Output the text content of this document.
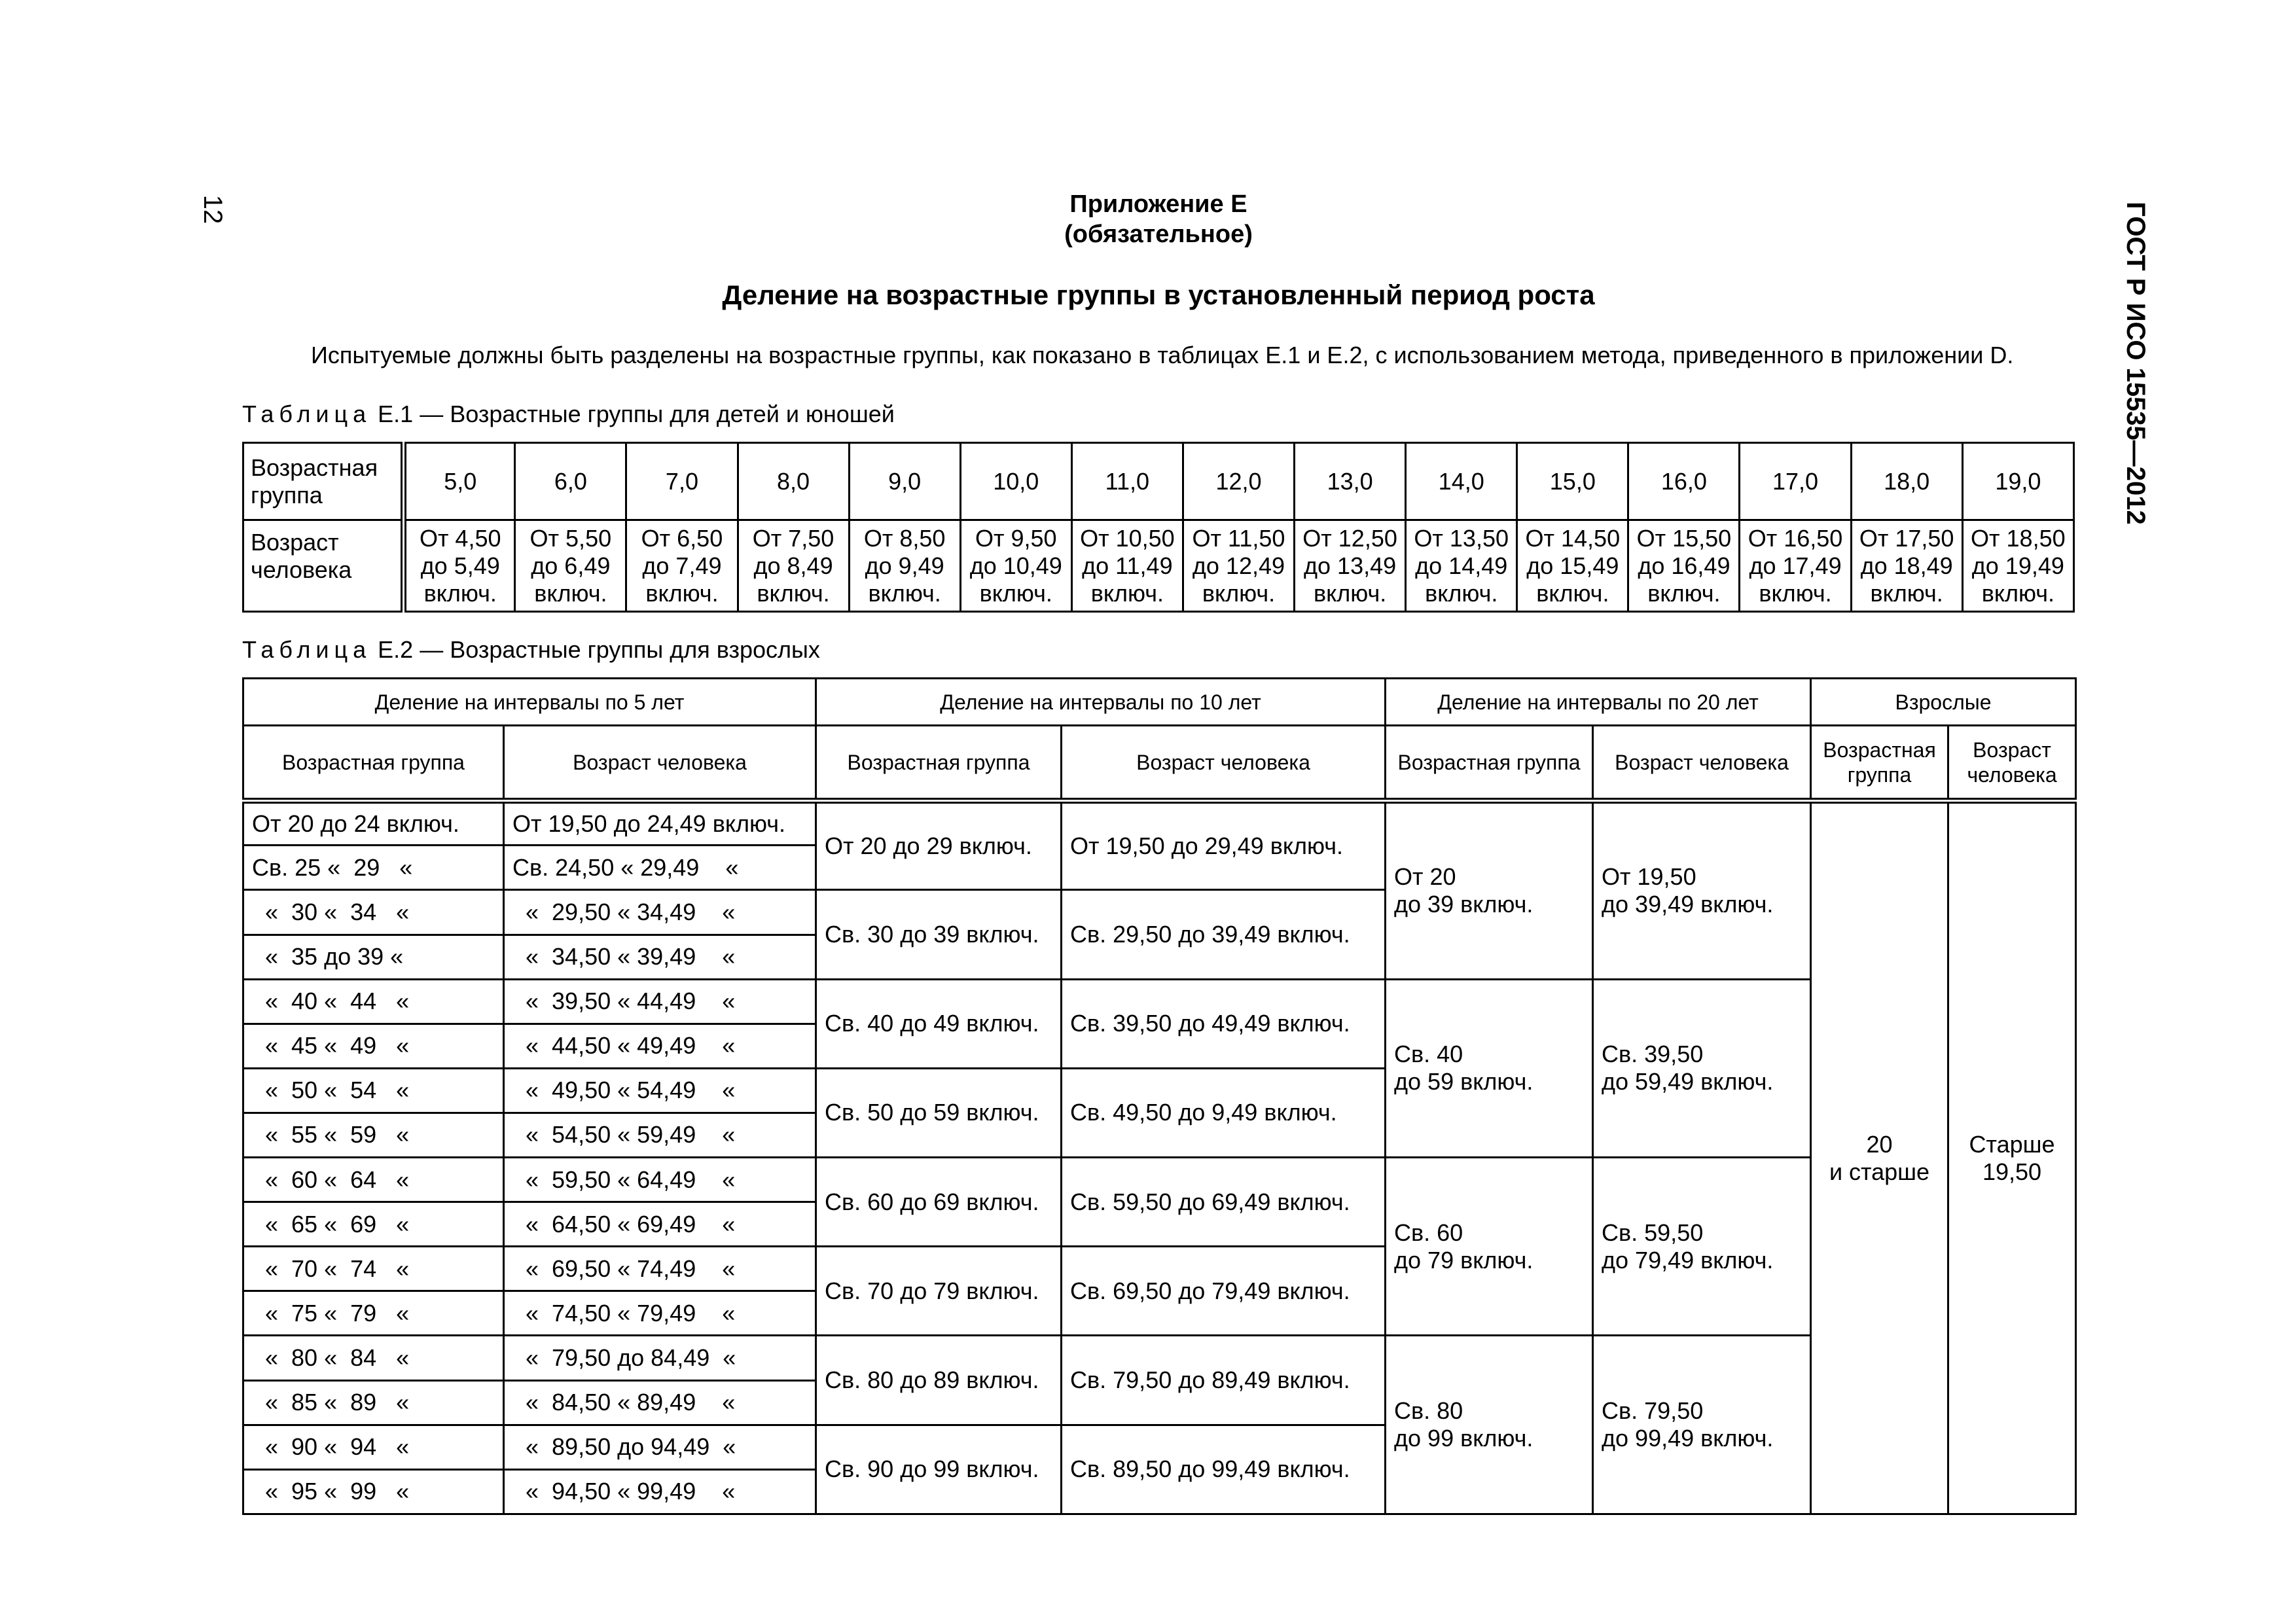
12	ГОСТ Р ИСО 15535—2012
Приложение Е
(обязательное)
Деление на возрастные группы в установленный период роста
Испытуемые должны быть разделены на возрастные группы, как показано в таблицах Е.1 и Е.2, с использованием метода, приведенного в приложении D.
Таблица Е.1 — Возрастные группы для детей и юношей
Возрастная
группа	5,0	6,0	7,0	8,0	9,0	10,0	11,0	12,0	13,0	14,0	15,0	16,0	17,0	18,0	19,0
Возраст
человека	От 4,50
до 5,49
включ.	От 5,50
до 6,49
включ.	От 6,50
до 7,49
включ.	От 7,50
до 8,49
включ.	От 8,50
до 9,49
включ.	От 9,50
до 10,49
включ.	От 10,50
до 11,49
включ.	От 11,50
до 12,49
включ.	От 12,50
до 13,49
включ.	От 13,50
до 14,49
включ.	От 14,50
до 15,49
включ.	От 15,50
до 16,49
включ.	От 16,50
до 17,49
включ.	От 17,50
до 18,49
включ.	От 18,50
до 19,49
включ.
Таблица Е.2 — Возрастные группы для взрослых
Деление на интервалы по 5 лет		Деление на интервалы по 10 лет		Деление на интервалы по 20 лет		Взрослые	
Возрастная группа	Возраст человека	Возрастная группа	Возраст человека	Возрастная группа	Возраст человека	Возрастная
группа	Возраст
человека
От 20 до 24 включ.	От 19,50 до 24,49 включ.	От 20 до 29 включ.	От 19,50 до 29,49 включ.	От 20
до 39 включ.	От 19,50
до 39,49 включ.	20
и старше	Старше
19,50
Св. 25 «  29   «	Св. 24,50 « 29,49    «						
«  30 «  34   «	«  29,50 « 34,49    «	Св. 30 до 39 включ.	Св. 29,50 до 39,49 включ.				
«  35 до 39 «	«  34,50 « 39,49    «						
«  40 «  44   «	«  39,50 « 44,49    «	Св. 40 до 49 включ.	Св. 39,50 до 49,49 включ.	Св. 40
до 59 включ.	Св. 39,50
до 59,49 включ.		
«  45 «  49   «	«  44,50 « 49,49    «						
«  50 «  54   «	«  49,50 « 54,49    «	Св. 50 до 59 включ.	Св. 49,50 до 9,49 включ.				
«  55 «  59   «	«  54,50 « 59,49    «						
«  60 «  64   «	«  59,50 « 64,49    «	Св. 60 до 69 включ.	Св. 59,50 до 69,49 включ.	Св. 60
до 79 включ.	Св. 59,50
до 79,49 включ.		
«  65 «  69   «	«  64,50 « 69,49    «						
«  70 «  74   «	«  69,50 « 74,49    «	Св. 70 до 79 включ.	Св. 69,50 до 79,49 включ.				
«  75 «  79   «	«  74,50 « 79,49    «						
«  80 «  84   «	«  79,50 до 84,49  «	Св. 80 до 89 включ.	Св. 79,50 до 89,49 включ.	Св. 80
до 99 включ.	Св. 79,50
до 99,49 включ.		
«  85 «  89   «	«  84,50 « 89,49    «						
«  90 «  94   «	«  89,50 до 94,49  «	Св. 90 до 99 включ.	Св. 89,50 до 99,49 включ.				
«  95 «  99   «	«  94,50 « 99,49    «						
